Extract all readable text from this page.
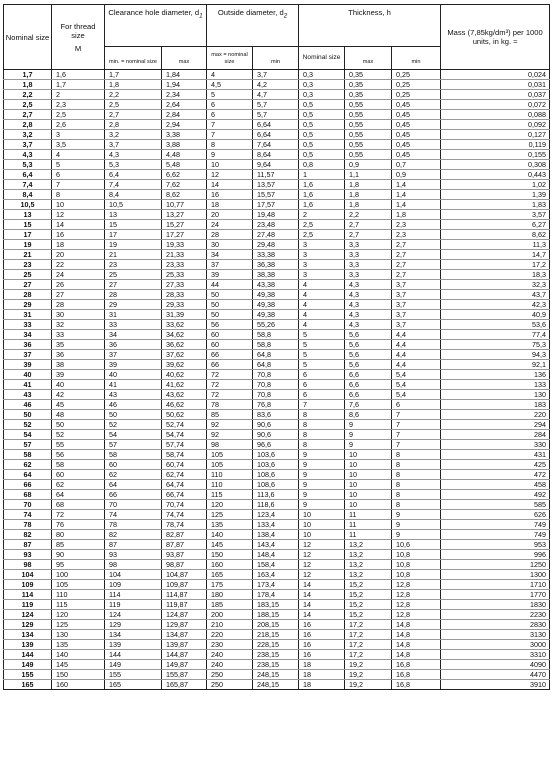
Nominal size	For thread size
M	Clearance hole diameter, $d_1$		Outside diameter, $d_2$		Thickness, h			Mass (7,85kg/dm³) per 1000 units, in kg. ≈

		min. = nominal size	max	max = nominal size	min	Nominal size	max	min	
1,7	1,6	1,7	1,84	4	3,7	0,3	0,35	0,25	0,024
1,8	1,7	1,8	1,94	4,5	4,2	0,3	0,35	0,25	0,031
2,2	2	2,2	2,34	5	4,7	0,3	0,35	0,25	0,037
2,5	2,3	2,5	2,64	6	5,7	0,5	0,55	0,45	0,072
2,7	2,5	2,7	2,84	6	5,7	0,5	0,55	0,45	0,088
2,8	2,6	2,8	2,94	7	6,64	0,5	0,55	0,45	0,092
3,2	3	3,2	3,38	7	6,64	0,5	0,55	0,45	0,127
3,7	3,5	3,7	3,88	8	7,64	0,5	0,55	0,45	0,119
4,3	4	4,3	4,48	9	8,64	0,5	0,55	0,45	0,155
5,3	5	5,3	5,48	10	9,64	0,8	0,9	0,7	0,308
6,4	6	6,4	6,62	12	11,57	1	1,1	0,9	0,443
7,4	7	7,4	7,62	14	13,57	1,6	1,8	1,4	1,02
8,4	8	8,4	8,62	16	15,57	1,6	1,8	1,4	1,39
10,5	10	10,5	10,77	18	17,57	1,6	1,8	1,4	1,83
13	12	13	13,27	20	19,48	2	2,2	1,8	3,57
15	14	15	15,27	24	23,48	2,5	2,7	2,3	6,27
17	16	17	17,27	28	27,48	2,5	2,7	2,3	8,62
19	18	19	19,33	30	29,48	3	3,3	2,7	11,3
21	20	21	21,33	34	33,38	3	3,3	2,7	14,7
23	22	23	23,33	37	36,38	3	3,3	2,7	17,2
25	24	25	25,33	39	38,38	3	3,3	2,7	18,3
27	26	27	27,33	44	43,38	4	4,3	3,7	32,3
28	27	28	28,33	50	49,38	4	4,3	3,7	43,7
29	28	29	29,33	50	49,38	4	4,3	3,7	42,3
31	30	31	31,39	50	49,38	4	4,3	3,7	40,9
33	32	33	33,62	56	55,26	4	4,3	3,7	53,6
34	33	34	34,62	60	58,8	5	5,6	4,4	77,4
36	35	36	36,62	60	58,8	5	5,6	4,4	75,3
37	36	37	37,62	66	64,8	5	5,6	4,4	94,3
39	38	39	39,62	66	64,8	5	5,6	4,4	92,1
40	39	40	40,62	72	70,8	6	6,6	5,4	136
41	40	41	41,62	72	70,8	6	6,6	5,4	133
43	42	43	43,62	72	70,8	6	6,6	5,4	130
46	45	46	46,62	78	76,8	7	7,6	6	183
50	48	50	50,62	85	83,6	8	8,6	7	220
52	50	52	52,74	92	90,6	8	9	7	294
54	52	54	54,74	92	90,6	8	9	7	284
57	55	57	57,74	98	96,6	8	9	7	330
58	56	58	58,74	105	103,6	9	10	8	431
62	58	60	60,74	105	103,6	9	10	8	425
64	60	62	62,74	110	108,6	9	10	8	472
66	62	64	64,74	110	108,6	9	10	8	458
68	64	66	66,74	115	113,6	9	10	8	492
70	68	70	70,74	120	118,6	9	10	8	585
74	72	74	74,74	125	123,4	10	11	9	626
78	76	78	78,74	135	133,4	10	11	9	749
82	80	82	82,87	140	138,4	10	11	9	749
87	85	87	87,87	145	143,4	12	13,2	10,6	953
93	90	93	93,87	150	148,4	12	13,2	10,8	996
98	95	98	98,87	160	158,4	12	13,2	10,8	1250
104	100	104	104,87	165	163,4	12	13,2	10,8	1300
109	105	109	109,87	175	173,4	14	15,2	12,8	1710
114	110	114	114,87	180	178,4	14	15,2	12,8	1770
119	115	119	119,87	185	183,15	14	15,2	12,8	1830
124	120	124	124,87	200	188,15	14	15,2	12,8	2230
129	125	129	129,87	210	208,15	16	17,2	14,8	2830
134	130	134	134,87	220	218,15	16	17,2	14,8	3130
139	135	139	139,87	230	228,15	16	17,2	14,8	3000
144	140	144	144,87	240	238,15	16	17,2	14,8	3310
149	145	149	149,87	240	238,15	18	19,2	16,8	4090
155	150	155	155,87	250	248,15	18	19,2	16,8	4470
165	160	165	165,87	250	248,15	18	19,2	16,8	3910
